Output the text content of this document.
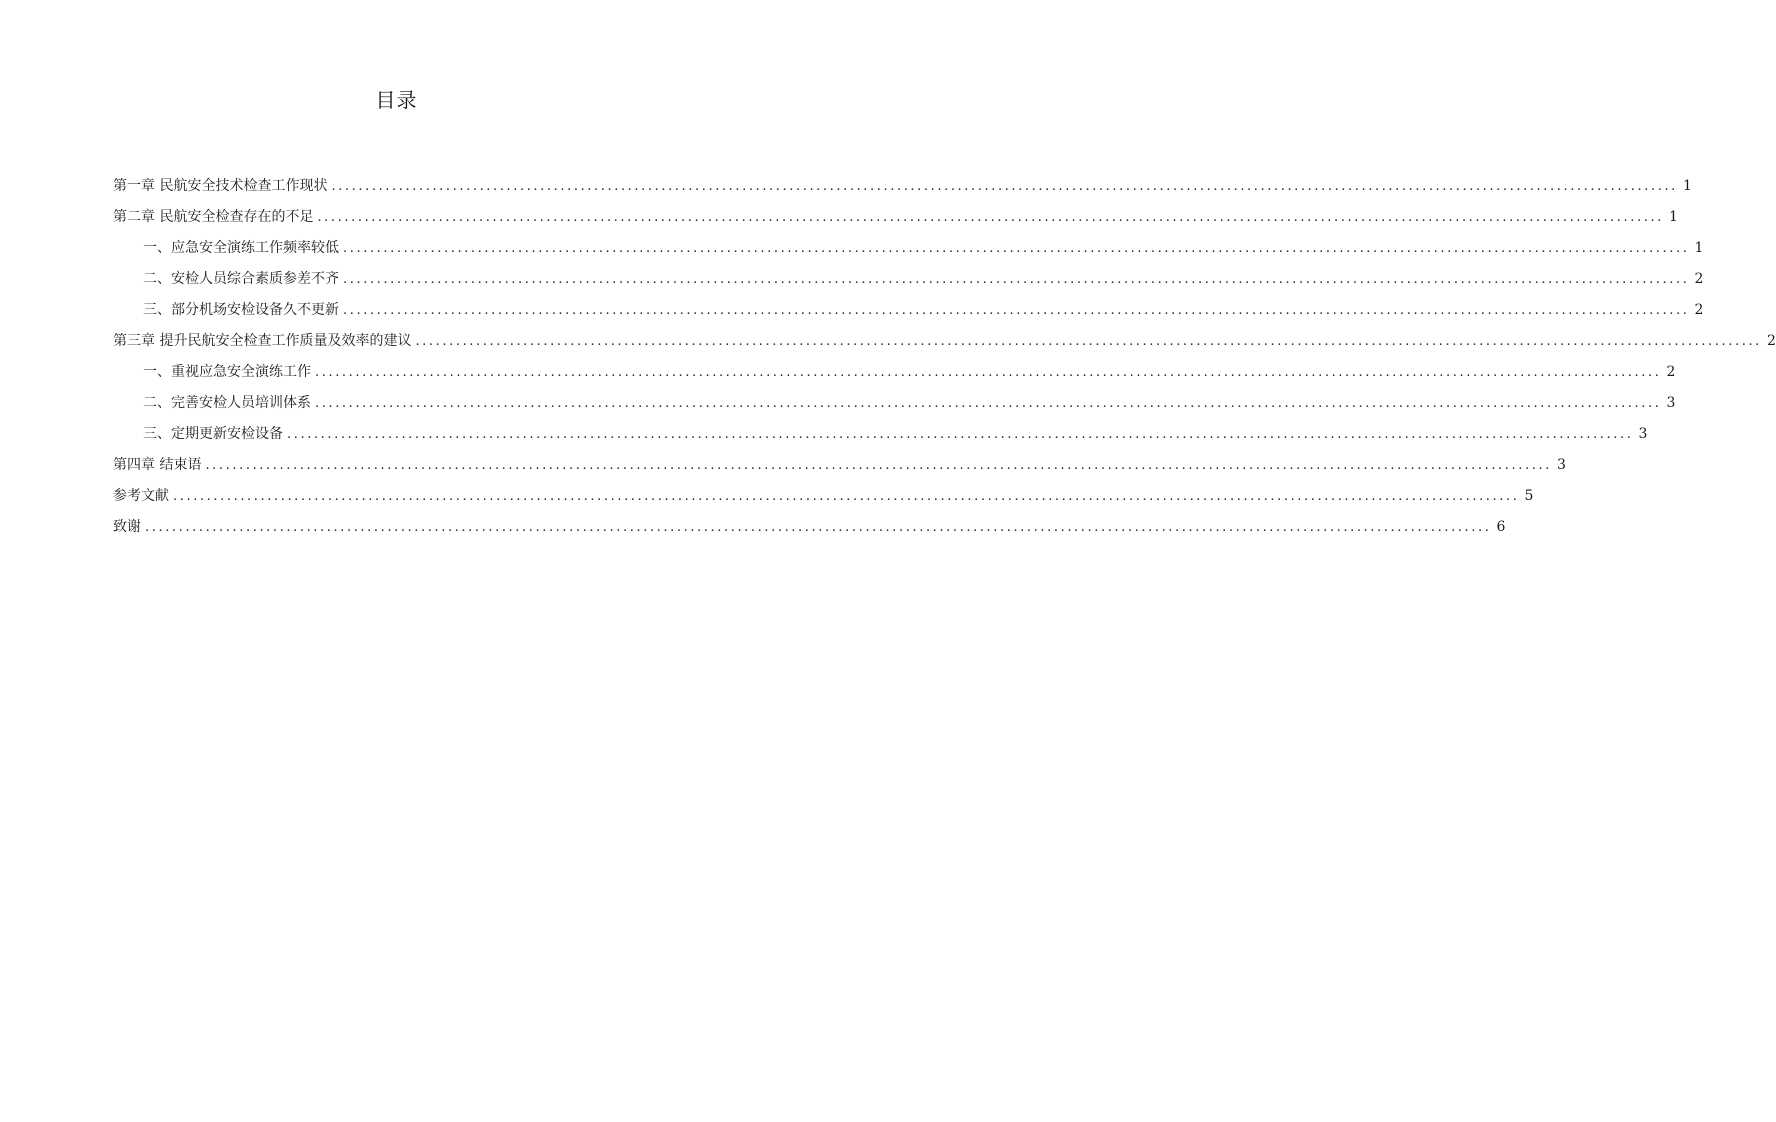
目录
第一章 民航安全技术检查工作现状 ........................................................................................................................................................................................................ 1
第二章 民航安全检查存在的不足 ........................................................................................................................................................................................................ 1
一、应急安全演练工作频率较低 ........................................................................................................................................................................................................ 1
二、安检人员综合素质参差不齐 ........................................................................................................................................................................................................ 2
三、部分机场安检设备久不更新 ........................................................................................................................................................................................................ 2
第三章 提升民航安全检查工作质量及效率的建议 ........................................................................................................................................................................................................ 2
一、重视应急安全演练工作 ........................................................................................................................................................................................................ 2
二、完善安检人员培训体系 ........................................................................................................................................................................................................ 3
三、定期更新安检设备 ........................................................................................................................................................................................................ 3
第四章 结束语 ........................................................................................................................................................................................................ 3
参考文献 ........................................................................................................................................................................................................ 5
致谢 ........................................................................................................................................................................................................ 6
